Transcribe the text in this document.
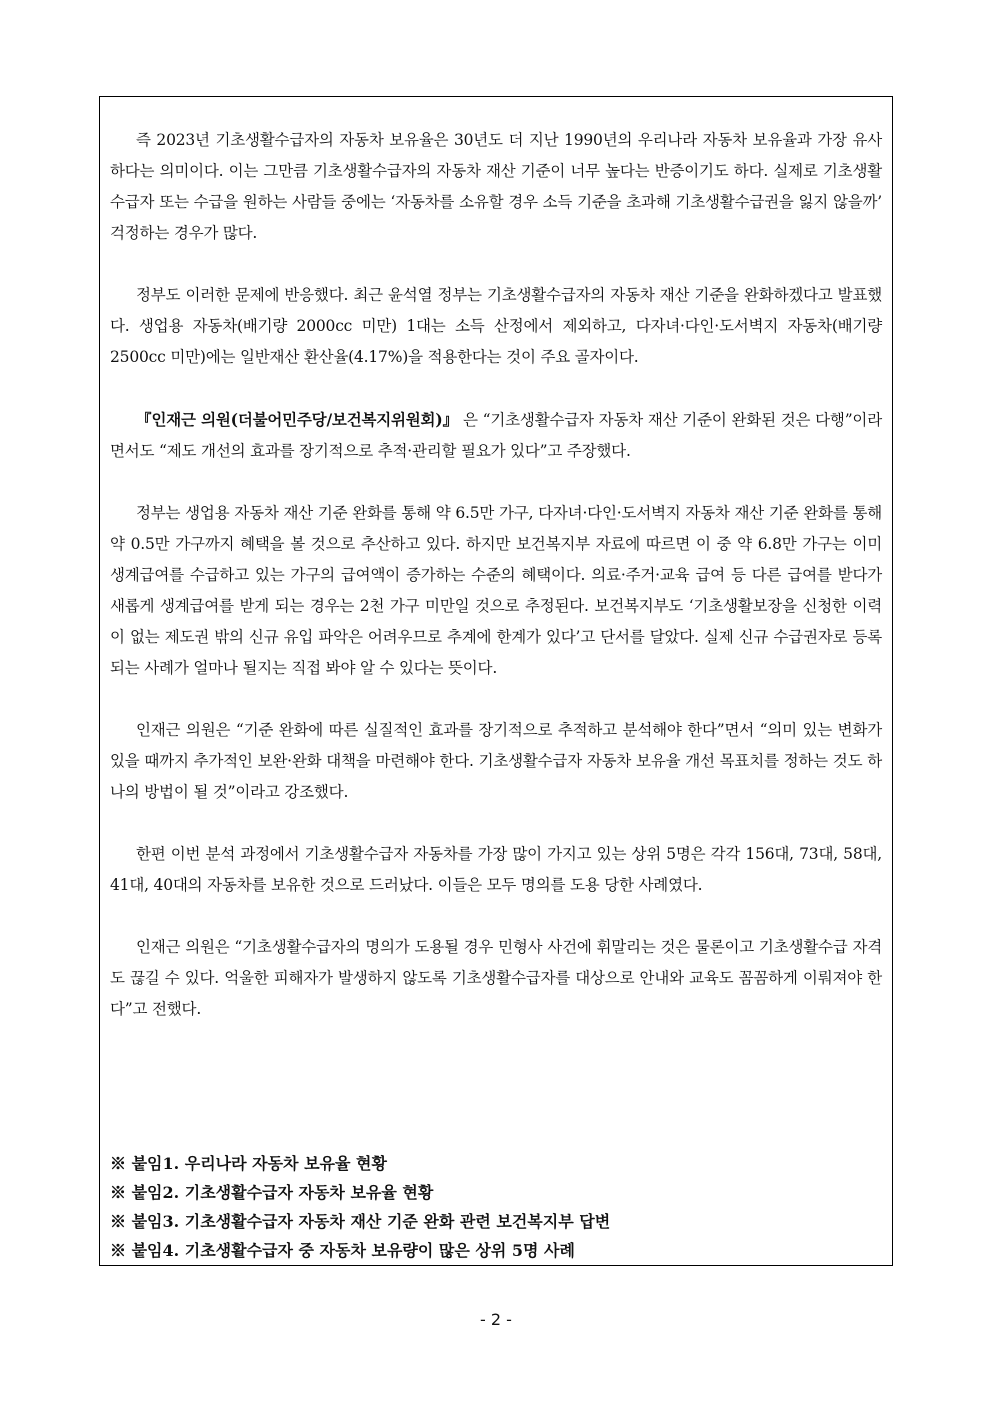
즉 2023년 기초생활수급자의 자동차 보유율은 30년도 더 지난 1990년의 우리나라 자동차 보유율과 가장 유사하다는 의미이다. 이는 그만큼 기초생활수급자의 자동차 재산 기준이 너무 높다는 반증이기도 하다. 실제로 기초생활수급자 또는 수급을 원하는 사람들 중에는 ‘자동차를 소유할 경우 소득 기준을 초과해 기초생활수급권을 잃지 않을까’ 걱정하는 경우가 많다.

정부도 이러한 문제에 반응했다. 최근 윤석열 정부는 기초생활수급자의 자동차 재산 기준을 완화하겠다고 발표했다. 생업용 자동차(배기량 2000cc 미만) 1대는 소득 산정에서 제외하고, 다자녀·다인·도서벽지 자동차(배기량 2500cc 미만)에는 일반재산 환산율(4.17%)을 적용한다는 것이 주요 골자이다.

『인재근 의원(더불어민주당/보건복지위원회)』 은 “기초생활수급자 자동차 재산 기준이 완화된 것은 다행”이라면서도 “제도 개선의 효과를 장기적으로 추적·관리할 필요가 있다”고 주장했다.

정부는 생업용 자동차 재산 기준 완화를 통해 약 6.5만 가구, 다자녀·다인·도서벽지 자동차 재산 기준 완화를 통해 약 0.5만 가구까지 혜택을 볼 것으로 추산하고 있다. 하지만 보건복지부 자료에 따르면 이 중 약 6.8만 가구는 이미 생계급여를 수급하고 있는 가구의 급여액이 증가하는 수준의 혜택이다. 의료·주거·교육 급여 등 다른 급여를 받다가 새롭게 생계급여를 받게 되는 경우는 2천 가구 미만일 것으로 추정된다. 보건복지부도 ‘기초생활보장을 신청한 이력이 없는 제도권 밖의 신규 유입 파악은 어려우므로 추계에 한계가 있다’고 단서를 달았다. 실제 신규 수급권자로 등록되는 사례가 얼마나 될지는 직접 봐야 알 수 있다는 뜻이다.

인재근 의원은 “기준 완화에 따른 실질적인 효과를 장기적으로 추적하고 분석해야 한다”면서 “의미 있는 변화가 있을 때까지 추가적인 보완·완화 대책을 마련해야 한다. 기초생활수급자 자동차 보유율 개선 목표치를 정하는 것도 하나의 방법이 될 것”이라고 강조했다.

한편 이번 분석 과정에서 기초생활수급자 자동차를 가장 많이 가지고 있는 상위 5명은 각각 156대, 73대, 58대, 41대, 40대의 자동차를 보유한 것으로 드러났다. 이들은 모두 명의를 도용 당한 사례였다.

인재근 의원은 “기초생활수급자의 명의가 도용될 경우 민형사 사건에 휘말리는 것은 물론이고 기초생활수급 자격도 끊길 수 있다. 억울한 피해자가 발생하지 않도록 기초생활수급자를 대상으로 안내와 교육도 꼼꼼하게 이뤄져야 한다”고 전했다.

※ 붙임1. 우리나라 자동차 보유율 현황

※ 붙임2. 기초생활수급자 자동차 보유율 현황

※ 붙임3. 기초생활수급자 자동차 재산 기준 완화 관련 보건복지부 답변

※ 붙임4. 기초생활수급자 중 자동차 보유량이 많은 상위 5명 사례

- 2 -
